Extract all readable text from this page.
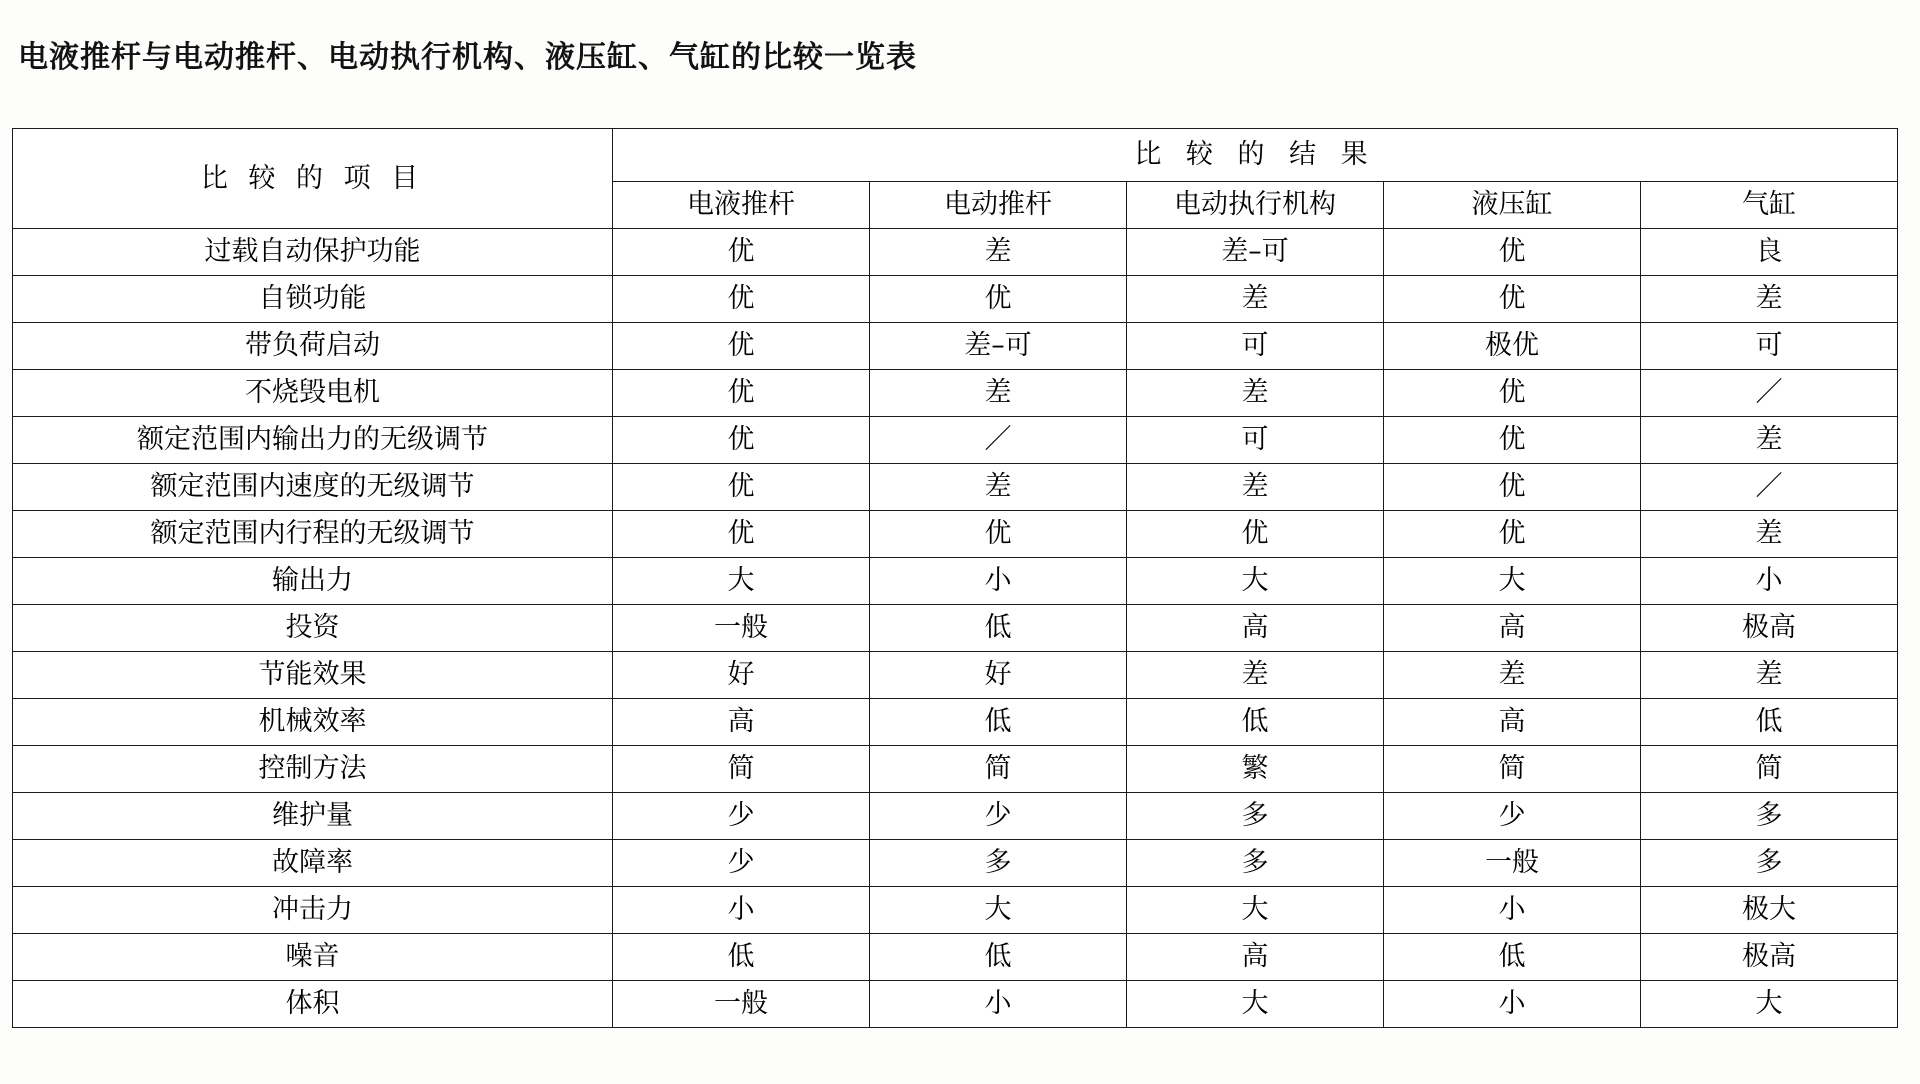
电液推杆与电动推杆、电动执行机构、液压缸、气缸的比较一览表
比 较 的 项 目	比 较 的 结 果				
	电液推杆	电动推杆	电动执行机构	液压缸	气缸
过载自动保护功能	优	差	差–可	优	良
自锁功能	优	优	差	优	差
带负荷启动	优	差–可	可	极优	可
不烧毁电机	优	差	差	优	／
额定范围内输出力的无级调节	优	／	可	优	差
额定范围内速度的无级调节	优	差	差	优	／
额定范围内行程的无级调节	优	优	优	优	差
输出力	大	小	大	大	小
投资	一般	低	高	高	极高
节能效果	好	好	差	差	差
机械效率	高	低	低	高	低
控制方法	简	简	繁	简	简
维护量	少	少	多	少	多
故障率	少	多	多	一般	多
冲击力	小	大	大	小	极大
噪音	低	低	高	低	极高
体积	一般	小	大	小	大
